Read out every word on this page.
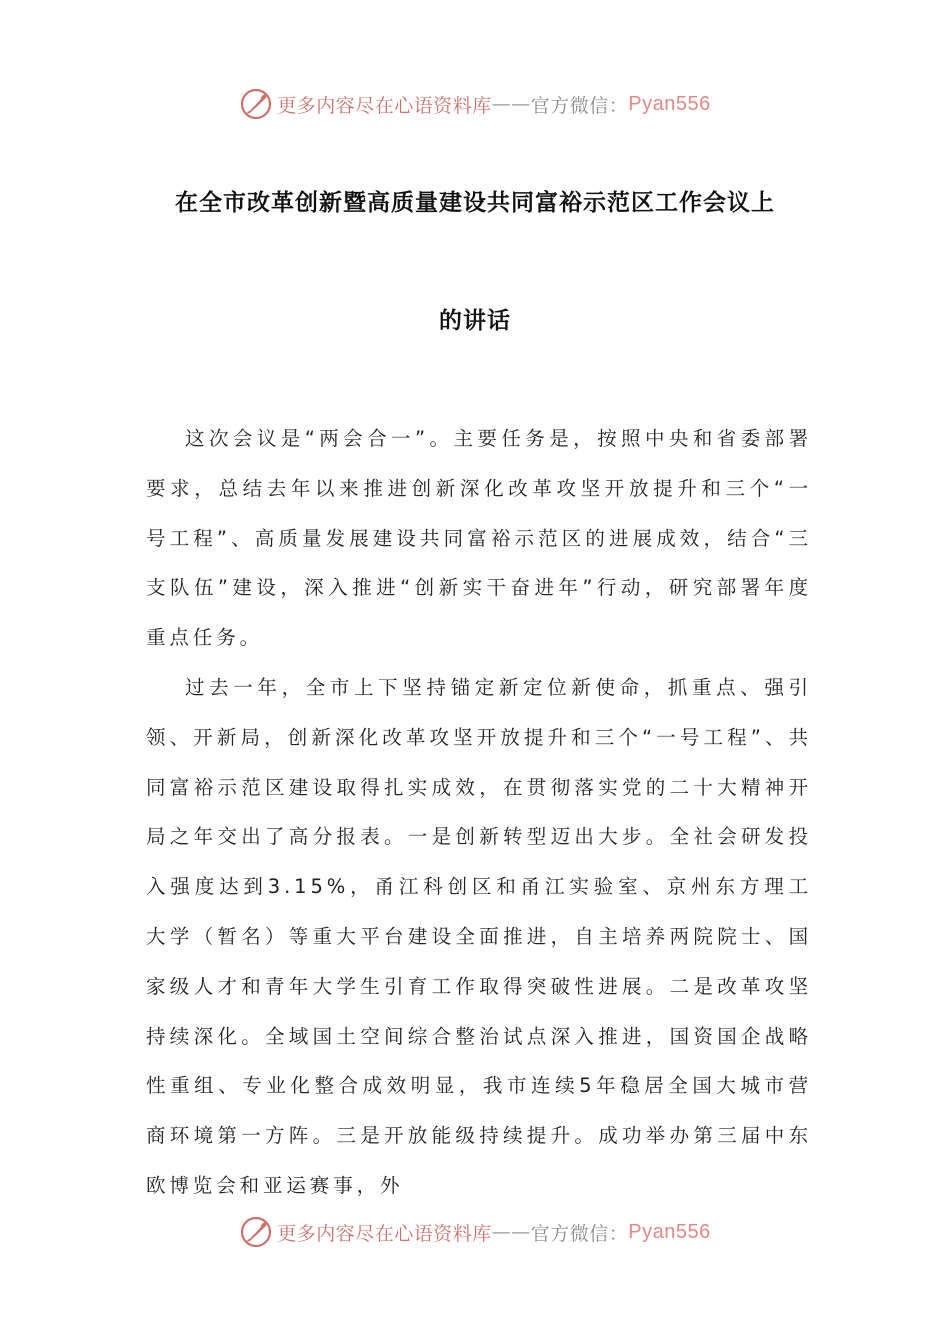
更多内容尽在心语资料库 —— 官方微信： Pyan556
在全市改革创新暨高质量建设共同富裕示范区工作会议上
的讲话

这次会议是“两会合一”。主要任务是，按照中央和省委部署要求，总结去年以来推进创新深化改革攻坚开放提升和三个“一号工程”、高质量发展建设共同富裕示范区的进展成效，结合“三支队伍”建设，深入推进“创新实干奋进年”行动，研究部署年度重点任务。

过去一年，全市上下坚持锚定新定位新使命，抓重点、强引领、开新局，创新深化改革攻坚开放提升和三个“一号工程”、共同富裕示范区建设取得扎实成效，在贯彻落实党的二十大精神开局之年交出了高分报表。一是创新转型迈出大步。全社会研发投入强度达到3.15%，甬江科创区和甬江实验室、京州东方理工大学（暂名）等重大平台建设全面推进，自主培养两院院士、国家级人才和青年大学生引育工作取得突破性进展。二是改革攻坚持续深化。全域国土空间综合整治试点深入推进，国资国企战略性重组、专业化整合成效明显，我市连续5年稳居全国大城市营商环境第一方阵。三是开放能级持续提升。成功举办第三届中东欧博览会和亚运赛事，外

更多内容尽在心语资料库 —— 官方微信： Pyan556
